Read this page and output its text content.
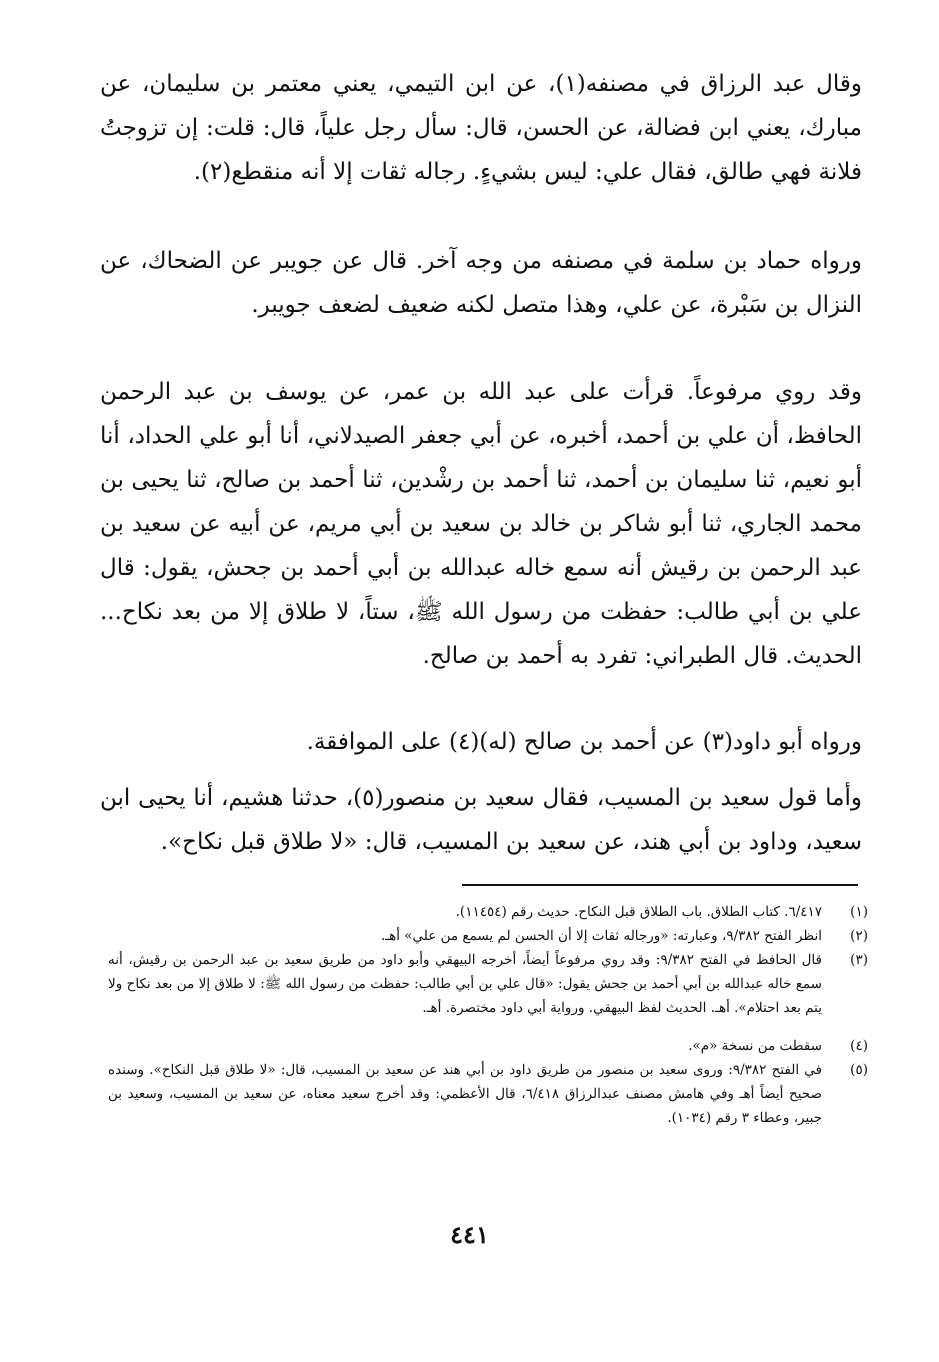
وقال عبد الرزاق في مصنفه(١)، عن ابن التيمي، يعني معتمر بن سليمان، عن مبارك، يعني ابن فضالة، عن الحسن، قال: سأل رجل علياً، قال: قلت: إن تزوجتُ فلانة فهي طالق، فقال علي: ليس بشيءٍ. رجاله ثقات إلا أنه منقطع(٢).

ورواه حماد بن سلمة في مصنفه من وجه آخر. قال عن جويبر عن الضحاك، عن النزال بن سَبْرة، عن علي، وهذا متصل لكنه ضعيف لضعف جويبر.

وقد روي مرفوعاً. قرأت على عبد الله بن عمر، عن يوسف بن عبد الرحمن الحافظ، أن علي بن أحمد، أخبره، عن أبي جعفر الصيدلاني، أنا أبو علي الحداد، أنا أبو نعيم، ثنا سليمان بن أحمد، ثنا أحمد بن رشْدين، ثنا أحمد بن صالح، ثنا يحيى بن محمد الجاري، ثنا أبو شاكر بن خالد بن سعيد بن أبي مريم، عن أبيه عن سعيد بن عبد الرحمن بن رقيش أنه سمع خاله عبدالله بن أبي أحمد بن جحش، يقول: قال علي بن أبي طالب: حفظت من رسول الله ﷺ، ستاً، لا طلاق إلا من بعد نكاح... الحديث. قال الطبراني: تفرد به أحمد بن صالح.

ورواه أبو داود(٣) عن أحمد بن صالح (له)(٤) على الموافقة.

وأما قول سعيد بن المسيب، فقال سعيد بن منصور(٥)، حدثنا هشيم، أنا يحيى ابن سعيد، وداود بن أبي هند، عن سعيد بن المسيب، قال: «لا طلاق قبل نكاح».

(١)
٦/٤١٧. كتاب الطلاق. باب الطلاق قبل النكاح. حديث رقم (١١٤٥٤).
(٢)
انظر الفتح ٩/٣٨٢، وعبارته: «ورجاله ثقات إلا أن الحسن لم يسمع من علي» أهـ.
(٣)
قال الحافظ في الفتح ٩/٣٨٢: وقد روي مرفوعاً أيضاً، أخرجه البيهقي وأبو داود من طريق سعيد بن عبد الرحمن بن رقيش، أنه سمع خاله عبدالله بن أبي أحمد بن جحش يقول: «قال علي بن أبي طالب: حفظت من رسول الله ﷺ: لا طلاق إلا من بعد نكاح ولا يتم بعد احتلام». أهـ. الحديث لفظ البيهقي. ورواية أبي داود مختصرة. أهـ.
(٤)
سقطت من نسخة «م».
(٥)
في الفتح ٩/٣٨٢: وروى سعيد بن منصور من طريق داود بن أبي هند عن سعيد بن المسيب، قال: «لا طلاق قبل النكاح». وسنده صحيح أيضاً أهـ وفي هامش مصنف عبدالرزاق ٦/٤١٨، قال الأعظمي: وقد أخرج سعيد معناه، عن سعيد بن المسيب، وسعيد بن جبير، وعطاء ٣ رقم (١٠٣٤).
٤٤١
